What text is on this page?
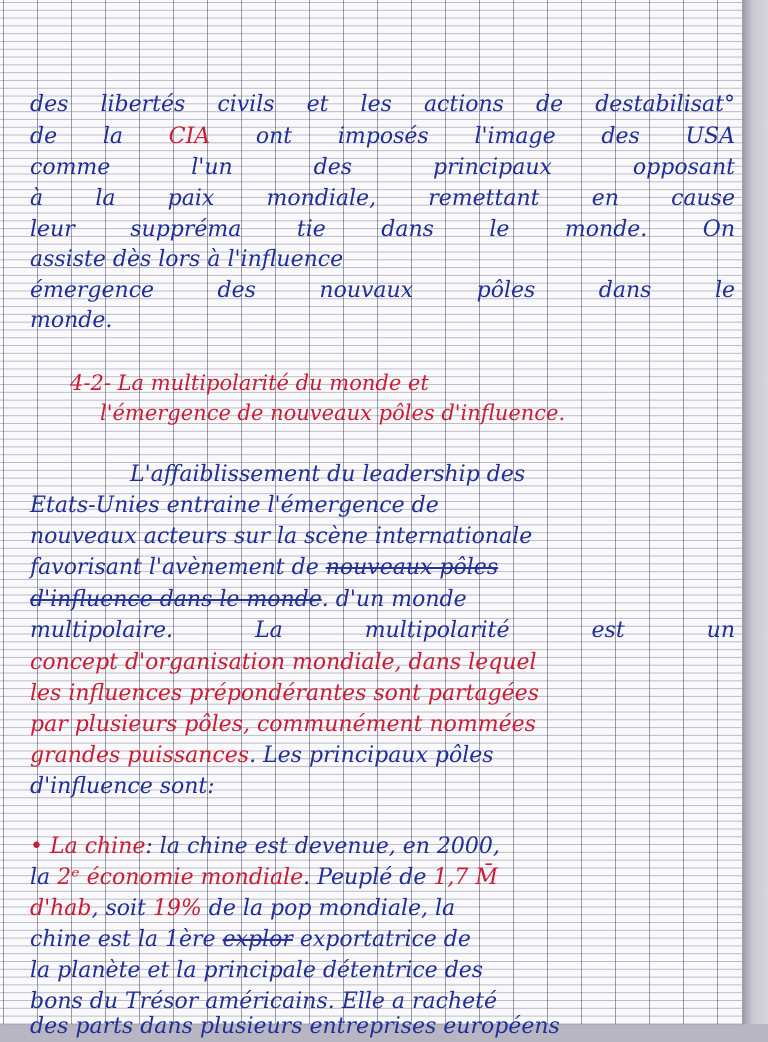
des libertés civils et les actions de destabilisat°
de la CIA ont imposés l'image des USA
comme l'un des principaux opposant
à la paix mondiale, remettant en cause
leur suppréma tie dans le monde. On
assiste dès lors à l'influence
émergence des nouvaux pôles dans le
monde.
4-2- La multipolarité du monde et
l'émergence de nouveaux pôles d'influence.
L'affaiblissement du leadership des
Etats-Unies entraine l'émergence de
nouveaux acteurs sur la scène internationale
favorisant l'avènement de nouveaux pôles
d'influence dans le monde. d'un monde
multipolaire. La multipolarité est un
concept d'organisation mondiale, dans lequel
les influences prépondérantes sont partagées
par plusieurs pôles, communément nommées
grandes puissances. Les principaux pôles
d'influence sont:
• La chine: la chine est devenue, en 2000,
la 2ᵉ économie mondiale. Peuplé de 1,7 M̄
d'hab, soit 19% de la pop mondiale, la
chine est la 1ère explor exportatrice de
la planète et la principale détentrice des
bons du Trésor américains. Elle a racheté
des parts dans plusieurs entreprises européens
